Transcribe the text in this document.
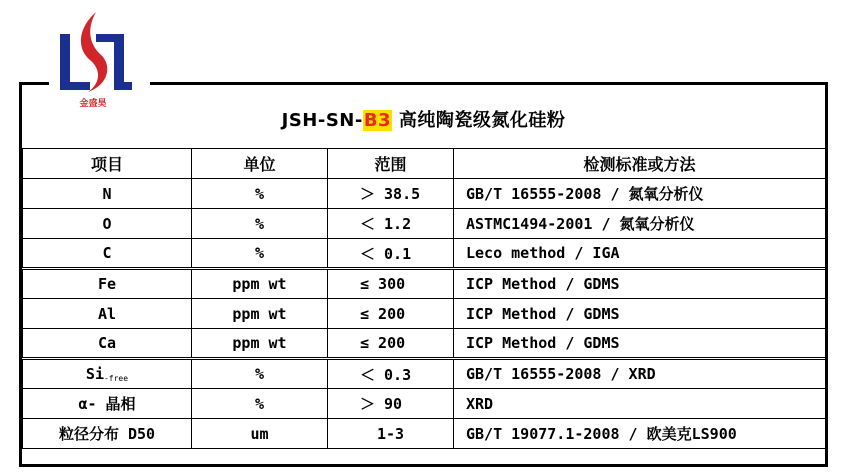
金盛昊
JSH-SN-B3 高纯陶瓷级氮化硅粉
项目	单位	范围	检测标准或方法
N	%	＞ 38.5	GB/T 16555-2008 / 氮氧分析仪
O	%	＜ 1.2	ASTMC1494-2001 / 氮氧分析仪
C	%	＜ 0.1	Leco method / IGA
Fe	ppm wt	≤ 300	ICP Method / GDMS
Al	ppm wt	≤ 200	ICP Method / GDMS
Ca	ppm wt	≤ 200	ICP Method / GDMS
$Si_{-free}$	%	＜ 0.3	GB/T 16555-2008 / XRD
α- 晶相	%	＞ 90	XRD
粒径分布 D50	um	1-3	GB/T 19077.1-2008 / 欧美克LS900
